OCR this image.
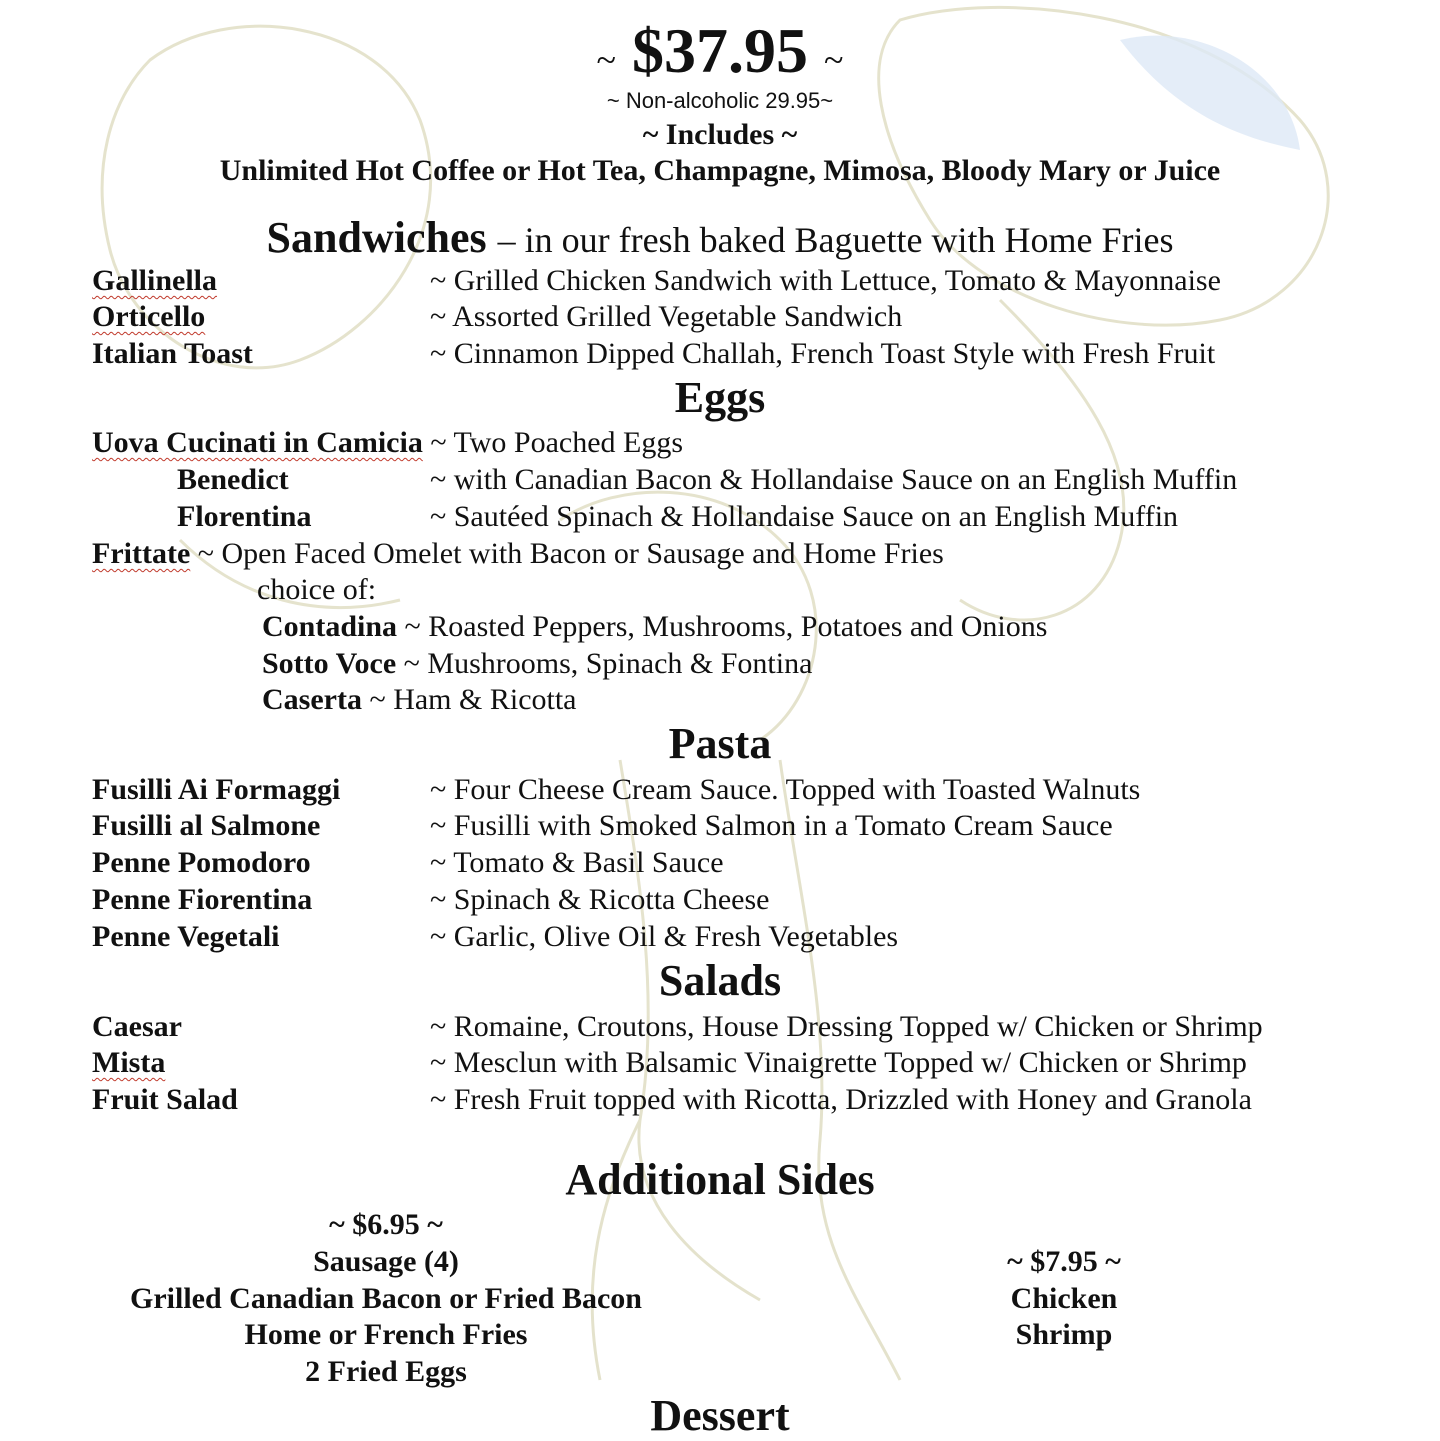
~ $37.95 ~
~ Non-alcoholic 29.95~
~ Includes ~
Unlimited Hot Coffee or Hot Tea, Champagne, Mimosa, Bloody Mary or Juice
Sandwiches – in our fresh baked Baguette with Home Fries
Gallinella	~ Grilled Chicken Sandwich with Lettuce, Tomato & Mayonnaise
Orticello	~ Assorted Grilled Vegetable Sandwich
Italian Toast	~ Cinnamon Dipped Challah, French Toast Style with Fresh Fruit
Eggs
Uova Cucinati in Camicia ~ Two Poached Eggs
Benedict	~ with Canadian Bacon & Hollandaise Sauce on an English Muffin
Florentina	~ Sautéed Spinach & Hollandaise Sauce on an English Muffin
Frittate ~ Open Faced Omelet with Bacon or Sausage and Home Fries
choice of:
Contadina ~ Roasted Peppers, Mushrooms, Potatoes and Onions
Sotto Voce ~ Mushrooms, Spinach & Fontina
Caserta ~ Ham & Ricotta
Pasta
Fusilli Ai Formaggi	~ Four Cheese Cream Sauce. Topped with Toasted Walnuts
Fusilli al Salmone	~ Fusilli with Smoked Salmon in a Tomato Cream Sauce
Penne Pomodoro	~ Tomato & Basil Sauce
Penne Fiorentina	~ Spinach & Ricotta Cheese
Penne Vegetali	~ Garlic, Olive Oil & Fresh Vegetables
Salads
Caesar	~ Romaine, Croutons, House Dressing Topped w/ Chicken or Shrimp
Mista	~ Mesclun with Balsamic Vinaigrette Topped w/ Chicken or Shrimp
Fruit Salad	~ Fresh Fruit topped with Ricotta, Drizzled with Honey and Granola
Additional Sides
~ $6.95 ~
Sausage (4)
Grilled Canadian Bacon or Fried Bacon
Home or French Fries
2 Fried Eggs
~ $7.95 ~
Chicken
Shrimp
Dessert
